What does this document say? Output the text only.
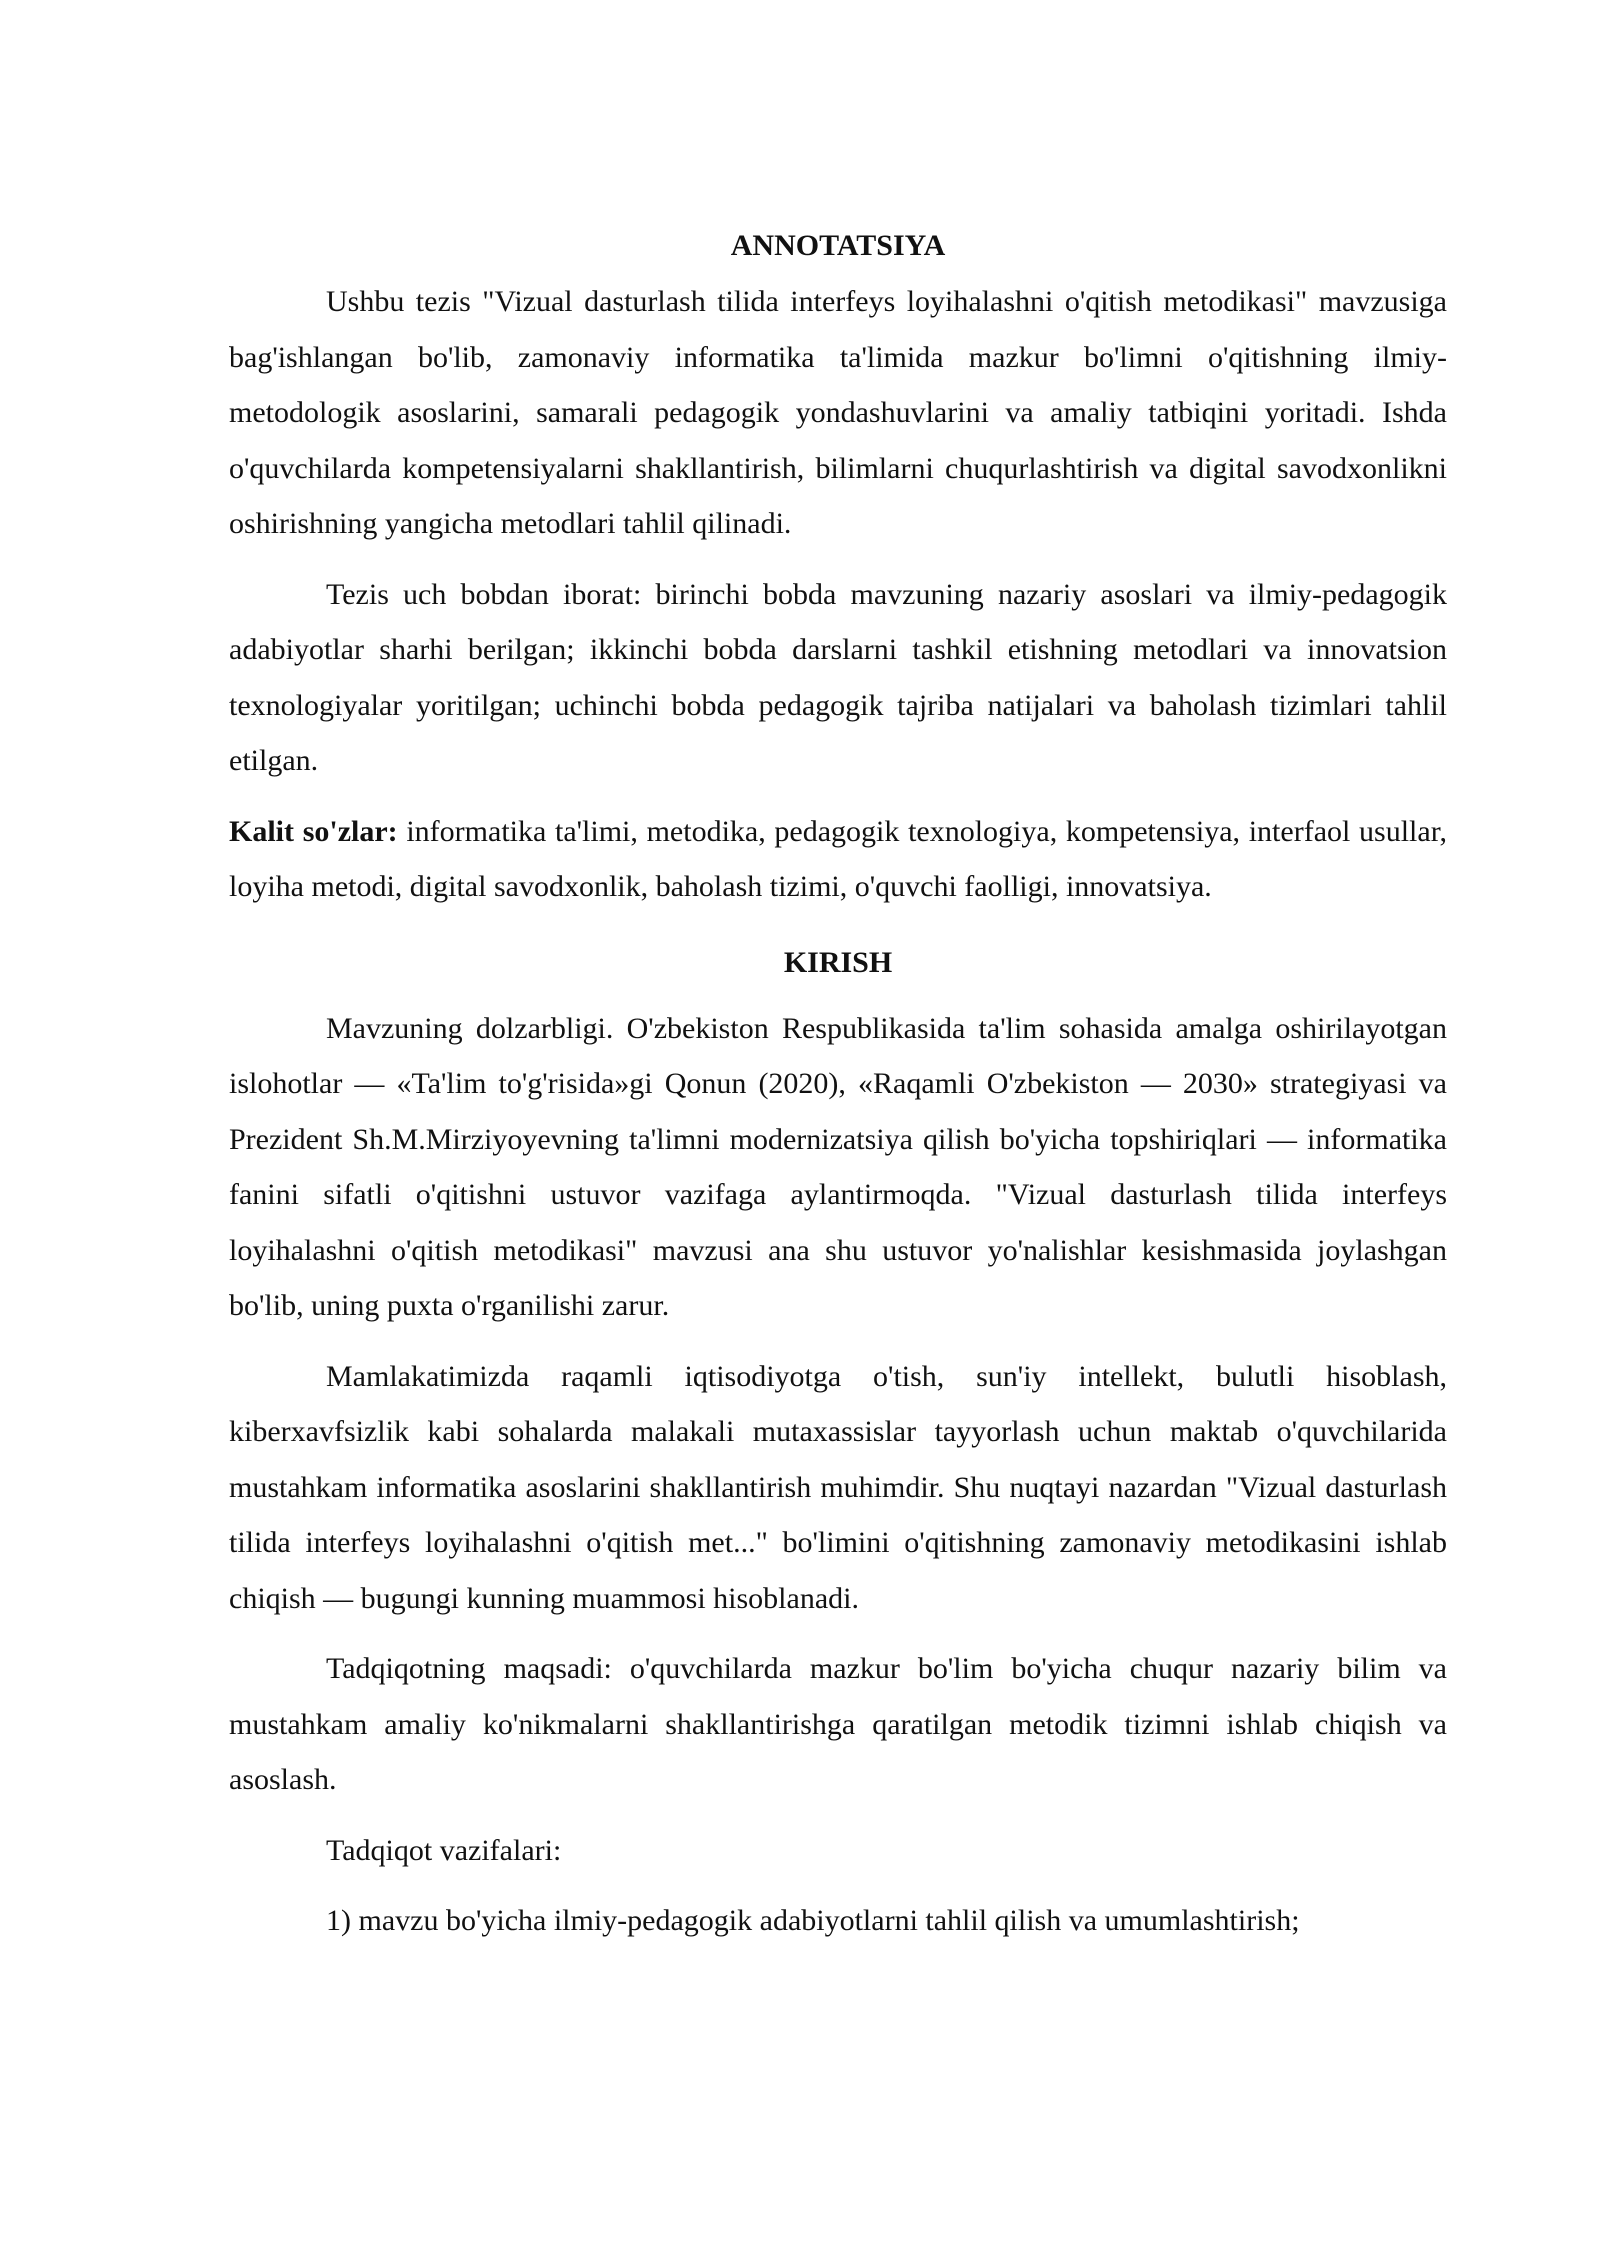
ANNOTATSIYA

Ushbu tezis "Vizual dasturlash tilida interfeys loyihalashni o'qitish metodikasi" mavzusiga bag'ishlangan bo'lib, zamonaviy informatika ta'limida mazkur bo'limni o'qitishning ilmiy-metodologik asoslarini, samarali pedagogik yondashuvlarini va amaliy tatbiqini yoritadi. Ishda o'quvchilarda kompetensiyalarni shakllantirish, bilimlarni chuqurlashtirish va digital savodxonlikni oshirishning yangicha metodlari tahlil qilinadi.

Tezis uch bobdan iborat: birinchi bobda mavzuning nazariy asoslari va ilmiy-pedagogik adabiyotlar sharhi berilgan; ikkinchi bobda darslarni tashkil etishning metodlari va innovatsion texnologiyalar yoritilgan; uchinchi bobda pedagogik tajriba natijalari va baholash tizimlari tahlil etilgan.

Kalit so'zlar: informatika ta'limi, metodika, pedagogik texnologiya, kompetensiya, interfaol usullar, loyiha metodi, digital savodxonlik, baholash tizimi, o'quvchi faolligi, innovatsiya.

KIRISH

Mavzuning dolzarbligi. O'zbekiston Respublikasida ta'lim sohasida amalga oshirilayotgan islohotlar — «Ta'lim to'g'risida»gi Qonun (2020), «Raqamli O'zbekiston — 2030» strategiyasi va Prezident Sh.M.Mirziyoyevning ta'limni modernizatsiya qilish bo'yicha topshiriqlari — informatika fanini sifatli o'qitishni ustuvor vazifaga aylantirmoqda. "Vizual dasturlash tilida interfeys loyihalashni o'qitish metodikasi" mavzusi ana shu ustuvor yo'nalishlar kesishmasida joylashgan bo'lib, uning puxta o'rganilishi zarur.

Mamlakatimizda raqamli iqtisodiyotga o'tish, sun'iy intellekt, bulutli hisoblash, kiberxavfsizlik kabi sohalarda malakali mutaxassislar tayyorlash uchun maktab o'quvchilarida mustahkam informatika asoslarini shakllantirish muhimdir. Shu nuqtayi nazardan "Vizual dasturlash tilida interfeys loyihalashni o'qitish met..." bo'limini o'qitishning zamonaviy metodikasini ishlab chiqish — bugungi kunning muammosi hisoblanadi.

Tadqiqotning maqsadi: o'quvchilarda mazkur bo'lim bo'yicha chuqur nazariy bilim va mustahkam amaliy ko'nikmalarni shakllantirishga qaratilgan metodik tizimni ishlab chiqish va asoslash.

Tadqiqot vazifalari:

1) mavzu bo'yicha ilmiy-pedagogik adabiyotlarni tahlil qilish va umumlashtirish;
